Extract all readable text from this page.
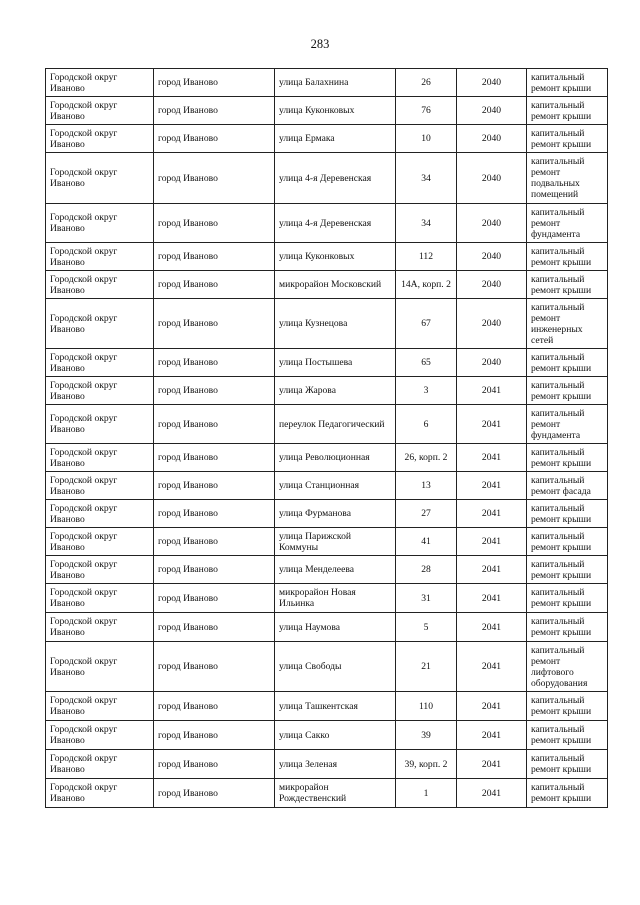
283
Городской округ Иваново	город Иваново	улица Балахнина	26	2040	капитальный ремонт крыши
Городской округ Иваново	город Иваново	улица Куконковых	76	2040	капитальный ремонт крыши
Городской округ Иваново	город Иваново	улица Ермака	10	2040	капитальный ремонт крыши
Городской округ Иваново	город Иваново	улица 4-я Деревенская	34	2040	капитальный ремонт подвальных помещений
Городской округ Иваново	город Иваново	улица 4-я Деревенская	34	2040	капитальный ремонт фундамента
Городской округ Иваново	город Иваново	улица Куконковых	112	2040	капитальный ремонт крыши
Городской округ Иваново	город Иваново	микрорайон Московский	14А, корп. 2	2040	капитальный ремонт крыши
Городской округ Иваново	город Иваново	улица Кузнецова	67	2040	капитальный ремонт инженерных сетей
Городской округ Иваново	город Иваново	улица Постышева	65	2040	капитальный ремонт крыши
Городской округ Иваново	город Иваново	улица Жарова	3	2041	капитальный ремонт крыши
Городской округ Иваново	город Иваново	переулок Педагогический	6	2041	капитальный ремонт фундамента
Городской округ Иваново	город Иваново	улица Революционная	26, корп. 2	2041	капитальный ремонт крыши
Городской округ Иваново	город Иваново	улица Станционная	13	2041	капитальный ремонт фасада
Городской округ Иваново	город Иваново	улица Фурманова	27	2041	капитальный ремонт крыши
Городской округ Иваново	город Иваново	улица Парижской Коммуны	41	2041	капитальный ремонт крыши
Городской округ Иваново	город Иваново	улица Менделеева	28	2041	капитальный ремонт крыши
Городской округ Иваново	город Иваново	микрорайон Новая Ильинка	31	2041	капитальный ремонт крыши
Городской округ Иваново	город Иваново	улица Наумова	5	2041	капитальный ремонт крыши
Городской округ Иваново	город Иваново	улица Свободы	21	2041	капитальный ремонт лифтового оборудования
Городской округ Иваново	город Иваново	улица Ташкентская	110	2041	капитальный ремонт крыши
Городской округ Иваново	город Иваново	улица Сакко	39	2041	капитальный ремонт крыши
Городской округ Иваново	город Иваново	улица Зеленая	39, корп. 2	2041	капитальный ремонт крыши
Городской округ Иваново	город Иваново	микрорайон Рождественский	1	2041	капитальный ремонт крыши
